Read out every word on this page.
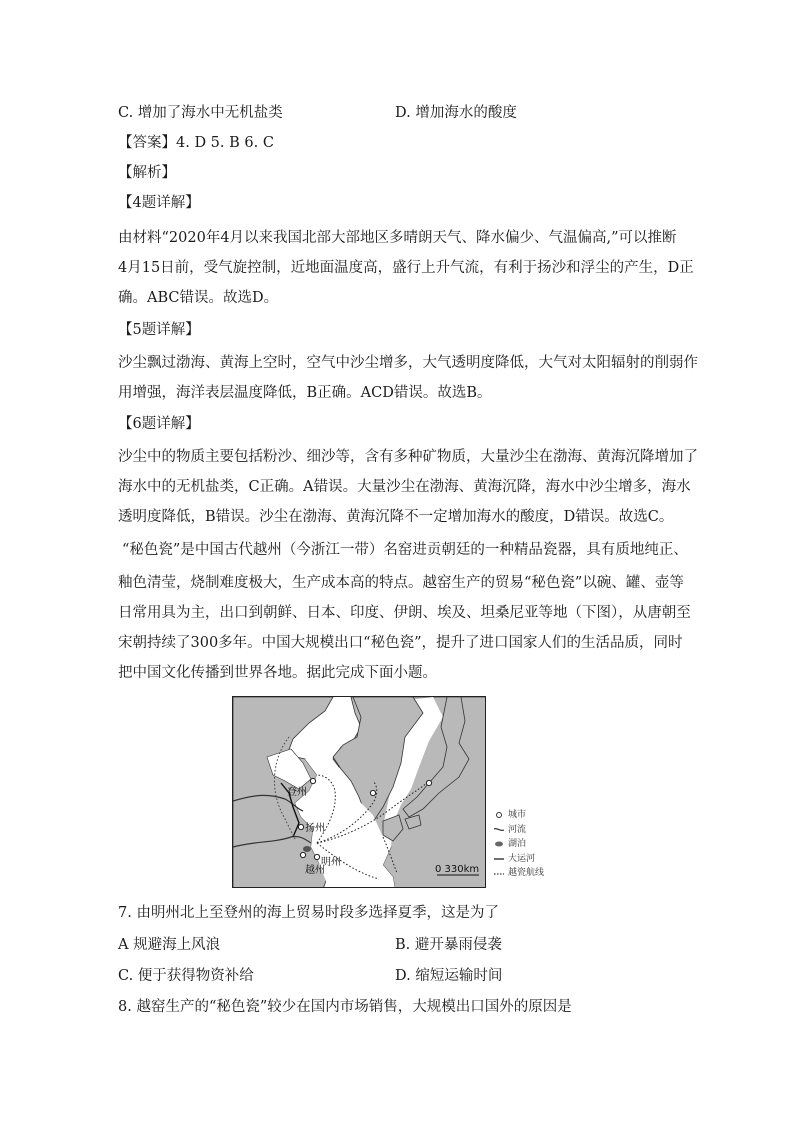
C. 增加了海水中无机盐类	D. 增加海水的酸度
【答案】4. D 5. B 6. C
【解析】
【4题详解】
由材料“2020年4月以来我国北部大部地区多晴朗天气、降水偏少、气温偏高,”可以推断
4月15日前，受气旋控制，近地面温度高，盛行上升气流，有利于扬沙和浮尘的产生，D正
确。ABC错误。故选D。
【5题详解】
沙尘飘过渤海、黄海上空时，空气中沙尘增多，大气透明度降低，大气对太阳辐射的削弱作
用增强，海洋表层温度降低，B正确。ACD错误。故选B。
【6题详解】
沙尘中的物质主要包括粉沙、细沙等，含有多种矿物质，大量沙尘在渤海、黄海沉降增加了
海水中的无机盐类，C正确。A错误。大量沙尘在渤海、黄海沉降，海水中沙尘增多，海水
透明度降低，B错误。沙尘在渤海、黄海沉降不一定增加海水的酸度，D错误。故选C。
“秘色瓷”是中国古代越州（今浙江一带）名窑进贡朝廷的一种精品瓷器，具有质地纯正、
釉色清莹，烧制难度极大，生产成本高的特点。越窑生产的贸易“秘色瓷”以碗、罐、壶等
日常用具为主，出口到朝鲜、日本、印度、伊朗、埃及、坦桑尼亚等地（下图），从唐朝至
宋朝持续了300多年。中国大规模出口“秘色瓷”，提升了进口国家人们的生活品质，同时
把中国文化传播到世界各地。据此完成下面小题。
登州
扬州
越州
明州
0 330km
城市
河流
湖泊
大运河
越瓷航线
7. 由明州北上至登州的海上贸易时段多选择夏季，这是为了
A 规避海上风浪	B. 避开暴雨侵袭
C. 便于获得物资补给	D. 缩短运输时间
8. 越窑生产的“秘色瓷”较少在国内市场销售，大规模出口国外的原因是
